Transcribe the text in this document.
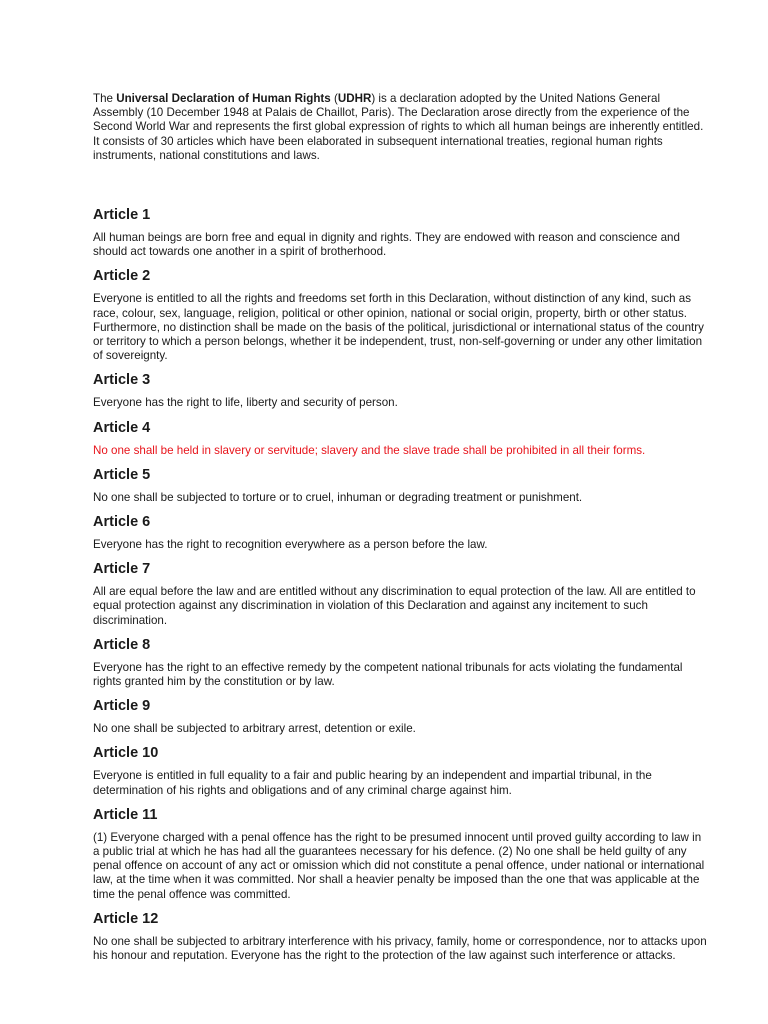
The Universal Declaration of Human Rights (UDHR) is a declaration adopted by the United Nations General Assembly (10 December 1948 at Palais de Chaillot, Paris). The Declaration arose directly from the experience of the Second World War and represents the first global expression of rights to which all human beings are inherently entitled. It consists of 30 articles which have been elaborated in subsequent international treaties, regional human rights instruments, national constitutions and laws.

Article 1

All human beings are born free and equal in dignity and rights. They are endowed with reason and conscience and should act towards one another in a spirit of brotherhood.

Article 2

Everyone is entitled to all the rights and freedoms set forth in this Declaration, without distinction of any kind, such as race, colour, sex, language, religion, political or other opinion, national or social origin, property, birth or other status. Furthermore, no distinction shall be made on the basis of the political, jurisdictional or international status of the country or territory to which a person belongs, whether it be independent, trust, non-self-governing or under any other limitation of sovereignty.

Article 3

Everyone has the right to life, liberty and security of person.

Article 4

No one shall be held in slavery or servitude; slavery and the slave trade shall be prohibited in all their forms.

Article 5

No one shall be subjected to torture or to cruel, inhuman or degrading treatment or punishment.

Article 6

Everyone has the right to recognition everywhere as a person before the law.

Article 7

All are equal before the law and are entitled without any discrimination to equal protection of the law. All are entitled to equal protection against any discrimination in violation of this Declaration and against any incitement to such discrimination.

Article 8

Everyone has the right to an effective remedy by the competent national tribunals for acts violating the fundamental rights granted him by the constitution or by law.

Article 9

No one shall be subjected to arbitrary arrest, detention or exile.

Article 10

Everyone is entitled in full equality to a fair and public hearing by an independent and impartial tribunal, in the determination of his rights and obligations and of any criminal charge against him.

Article 11

(1) Everyone charged with a penal offence has the right to be presumed innocent until proved guilty according to law in a public trial at which he has had all the guarantees necessary for his defence. (2) No one shall be held guilty of any penal offence on account of any act or omission which did not constitute a penal offence, under national or international law, at the time when it was committed. Nor shall a heavier penalty be imposed than the one that was applicable at the time the penal offence was committed.

Article 12

No one shall be subjected to arbitrary interference with his privacy, family, home or correspondence, nor to attacks upon his honour and reputation. Everyone has the right to the protection of the law against such interference or attacks.
